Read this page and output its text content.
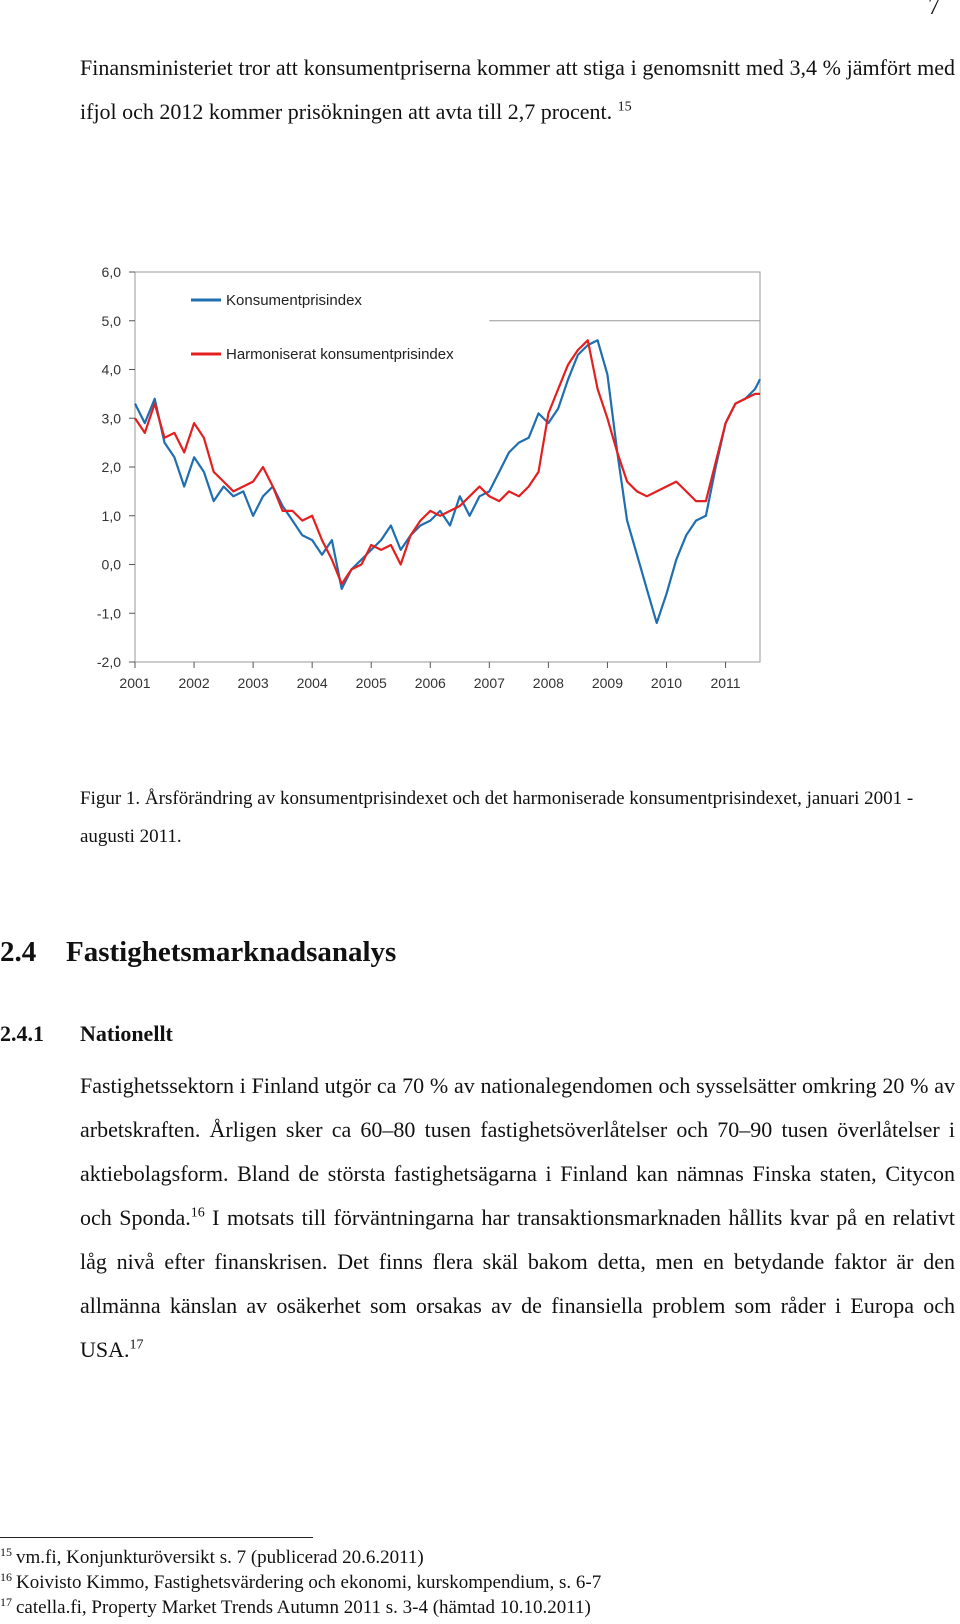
7
Finansministeriet tror att konsumentpriserna kommer att stiga i genomsnitt med 3,4 % jämfört med ifjol och 2012 kommer prisökningen att avta till 2,7 procent. $^{15}$
6,0
5,0
4,0
3,0
2,0
1,0
0,0
-1,0
-2,0
2001 2002 2003 2004 2005 2006 2007 2008 2009 2010 2011
Konsumentprisindex
Harmoniserat konsumentprisindex
Figur 1. Årsförändring av konsumentprisindexet och det harmoniserade konsumentprisindexet, januari 2001 - augusti 2011.
2.4 Fastighetsmarknadsanalys
2.4.1 Nationellt
Fastighetssektorn i Finland utgör ca 70 % av nationalegendomen och sysselsätter omkring 20 % av arbetskraften. Årligen sker ca 60–80 tusen fastighetsöverlåtelser och 70–90 tusen överlåtelser i aktiebolagsform. Bland de största fastighetsägarna i Finland kan nämnas Finska staten, Citycon och Sponda.$^{16}$ I motsats till förväntningarna har transaktionsmarknaden hållits kvar på en relativt låg nivå efter finanskrisen. Det finns flera skäl bakom detta, men en betydande faktor är den allmänna känslan av osäkerhet som orsakas av de finansiella problem som råder i Europa och USA.$^{17}$
$^{15}$ vm.fi, Konjunkturöversikt s. 7 (publicerad 20.6.2011)
$^{16}$ Koivisto Kimmo, Fastighetsvärdering och ekonomi, kurskompendium, s. 6-7
$^{17}$ catella.fi, Property Market Trends Autumn 2011 s. 3-4 (hämtad 10.10.2011)
